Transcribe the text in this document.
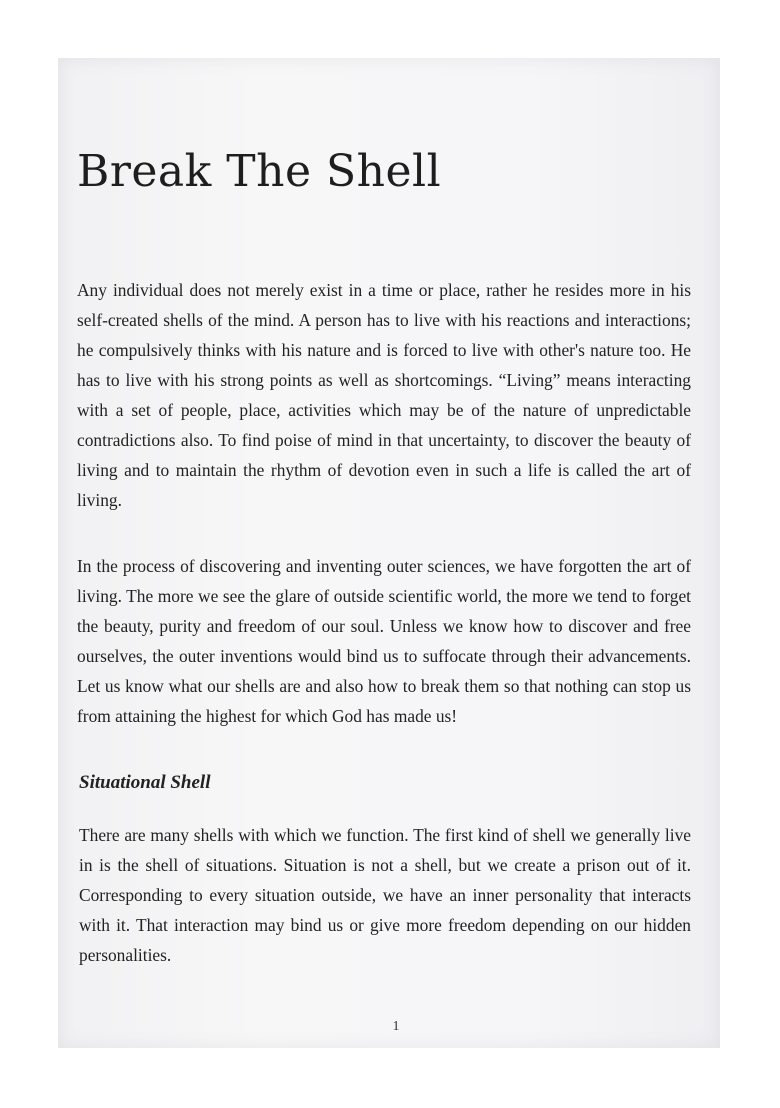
Break The Shell

Any individual does not merely exist in a time or place, rather he resides more in his self-created shells of the mind. A person has to live with his reactions and interactions; he compulsively thinks with his nature and is forced to live with other's nature too. He has to live with his strong points as well as shortcomings. “Living” means interacting with a set of people, place, activities which may be of the nature of unpredictable contradictions also. To find poise of mind in that uncertainty, to discover the beauty of living and to maintain the rhythm of devotion even in such a life is called the art of living.

In the process of discovering and inventing outer sciences, we have forgotten the art of living. The more we see the glare of outside scientific world, the more we tend to forget the beauty, purity and freedom of our soul. Unless we know how to discover and free ourselves, the outer inventions would bind us to suffocate through their advancements. Let us know what our shells are and also how to break them so that nothing can stop us from attaining the highest for which God has made us!

Situational Shell

There are many shells with which we function. The first kind of shell we generally live in is the shell of situations. Situation is not a shell, but we create a prison out of it. Corresponding to every situation outside, we have an inner personality that interacts with it. That interaction may bind us or give more freedom depending on our hidden personalities.

1
